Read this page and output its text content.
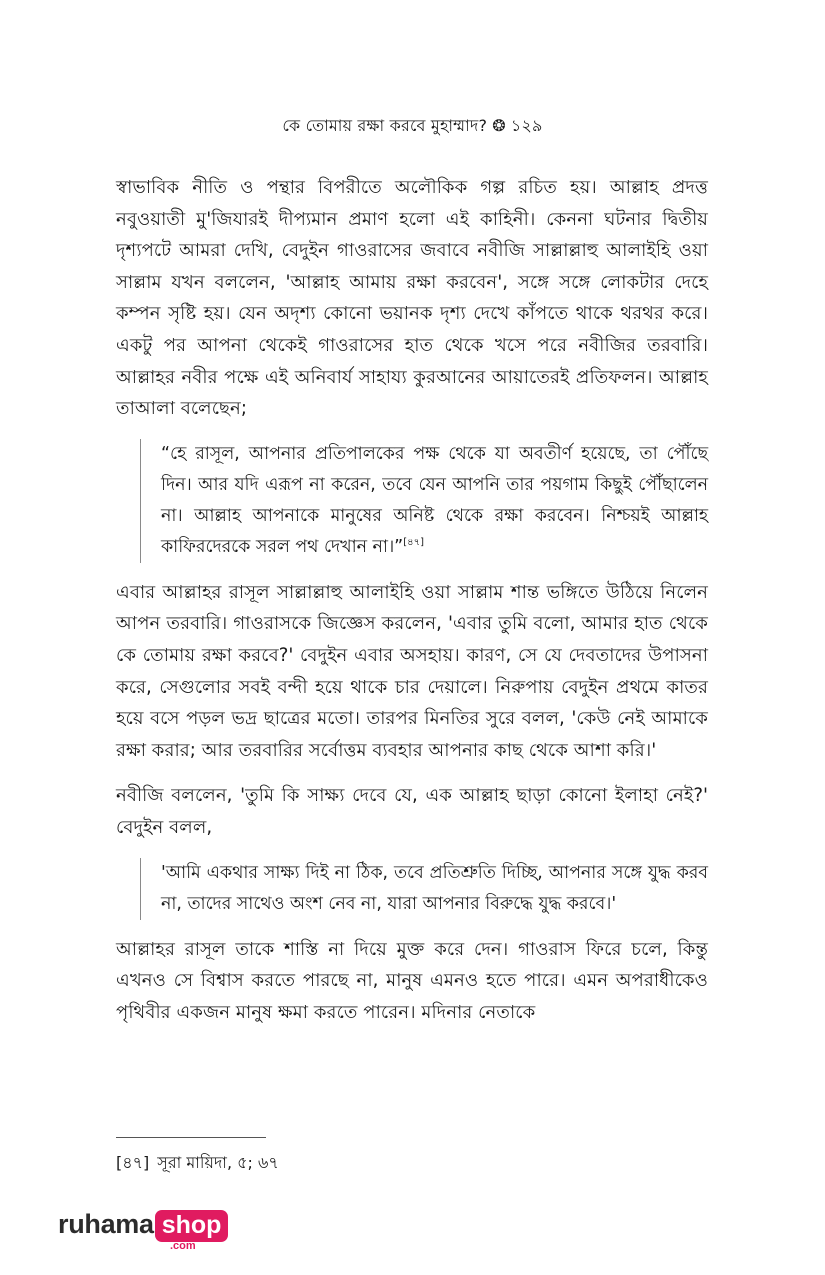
কে তোমায় রক্ষা করবে মুহাম্মাদ? ❂ ১২৯

স্বাভাবিক নীতি ও পন্থার বিপরীতে অলৌকিক গল্প রচিত হয়। আল্লাহ প্রদত্ত নবুওয়াতী মু'জিযারই দীপ্যমান প্রমাণ হলো এই কাহিনী। কেননা ঘটনার দ্বিতীয় দৃশ্যপটে আমরা দেখি, বেদুইন গাওরাসের জবাবে নবীজি সাল্লাল্লাহু আলাইহি ওয়া সাল্লাম যখন বললেন, 'আল্লাহ আমায় রক্ষা করবেন', সঙ্গে সঙ্গে লোকটার দেহে কম্পন সৃষ্টি হয়। যেন অদৃশ্য কোনো ভয়ানক দৃশ্য দেখে কাঁপতে থাকে থরথর করে। একটু পর আপনা থেকেই গাওরাসের হাত থেকে খসে পরে নবীজির তরবারি। আল্লাহর নবীর পক্ষে এই অনিবার্য সাহায্য কুরআনের আয়াতেরই প্রতিফলন। আল্লাহ তাআলা বলেছেন;

“হে রাসূল, আপনার প্রতিপালকের পক্ষ থেকে যা অবতীর্ণ হয়েছে, তা পৌঁছে দিন। আর যদি এরূপ না করেন, তবে যেন আপনি তার পয়গাম কিছুই পৌঁছালেন না। আল্লাহ আপনাকে মানুষের অনিষ্ট থেকে রক্ষা করবেন। নিশ্চয়ই আল্লাহ কাফিরদেরকে সরল পথ দেখান না।”[৪৭]

এবার আল্লাহর রাসূল সাল্লাল্লাহু আলাইহি ওয়া সাল্লাম শান্ত ভঙ্গিতে উঠিয়ে নিলেন আপন তরবারি। গাওরাসকে জিজ্ঞেস করলেন, 'এবার তুমি বলো, আমার হাত থেকে কে তোমায় রক্ষা করবে?' বেদুইন এবার অসহায়। কারণ, সে যে দেবতাদের উপাসনা করে, সেগুলোর সবই বন্দী হয়ে থাকে চার দেয়ালে। নিরুপায় বেদুইন প্রথমে কাতর হয়ে বসে পড়ল ভদ্র ছাত্রের মতো। তারপর মিনতির সুরে বলল, 'কেউ নেই আমাকে রক্ষা করার; আর তরবারির সর্বোত্তম ব্যবহার আপনার কাছ থেকে আশা করি।'

নবীজি বললেন, 'তুমি কি সাক্ষ্য দেবে যে, এক আল্লাহ ছাড়া কোনো ইলাহা নেই?' বেদুইন বলল,

'আমি একথার সাক্ষ্য দিই না ঠিক, তবে প্রতিশ্রুতি দিচ্ছি, আপনার সঙ্গে যুদ্ধ করব না, তাদের সাথেও অংশ নেব না, যারা আপনার বিরুদ্ধে যুদ্ধ করবে।'

আল্লাহর রাসূল তাকে শাস্তি না দিয়ে মুক্ত করে দেন। গাওরাস ফিরে চলে, কিন্তু এখনও সে বিশ্বাস করতে পারছে না, মানুষ এমনও হতে পারে। এমন অপরাধীকেও পৃথিবীর একজন মানুষ ক্ষমা করতে পারেন। মদিনার নেতাকে

[৪৭] সূরা মায়িদা, ৫; ৬৭
ruhama shop
.com
